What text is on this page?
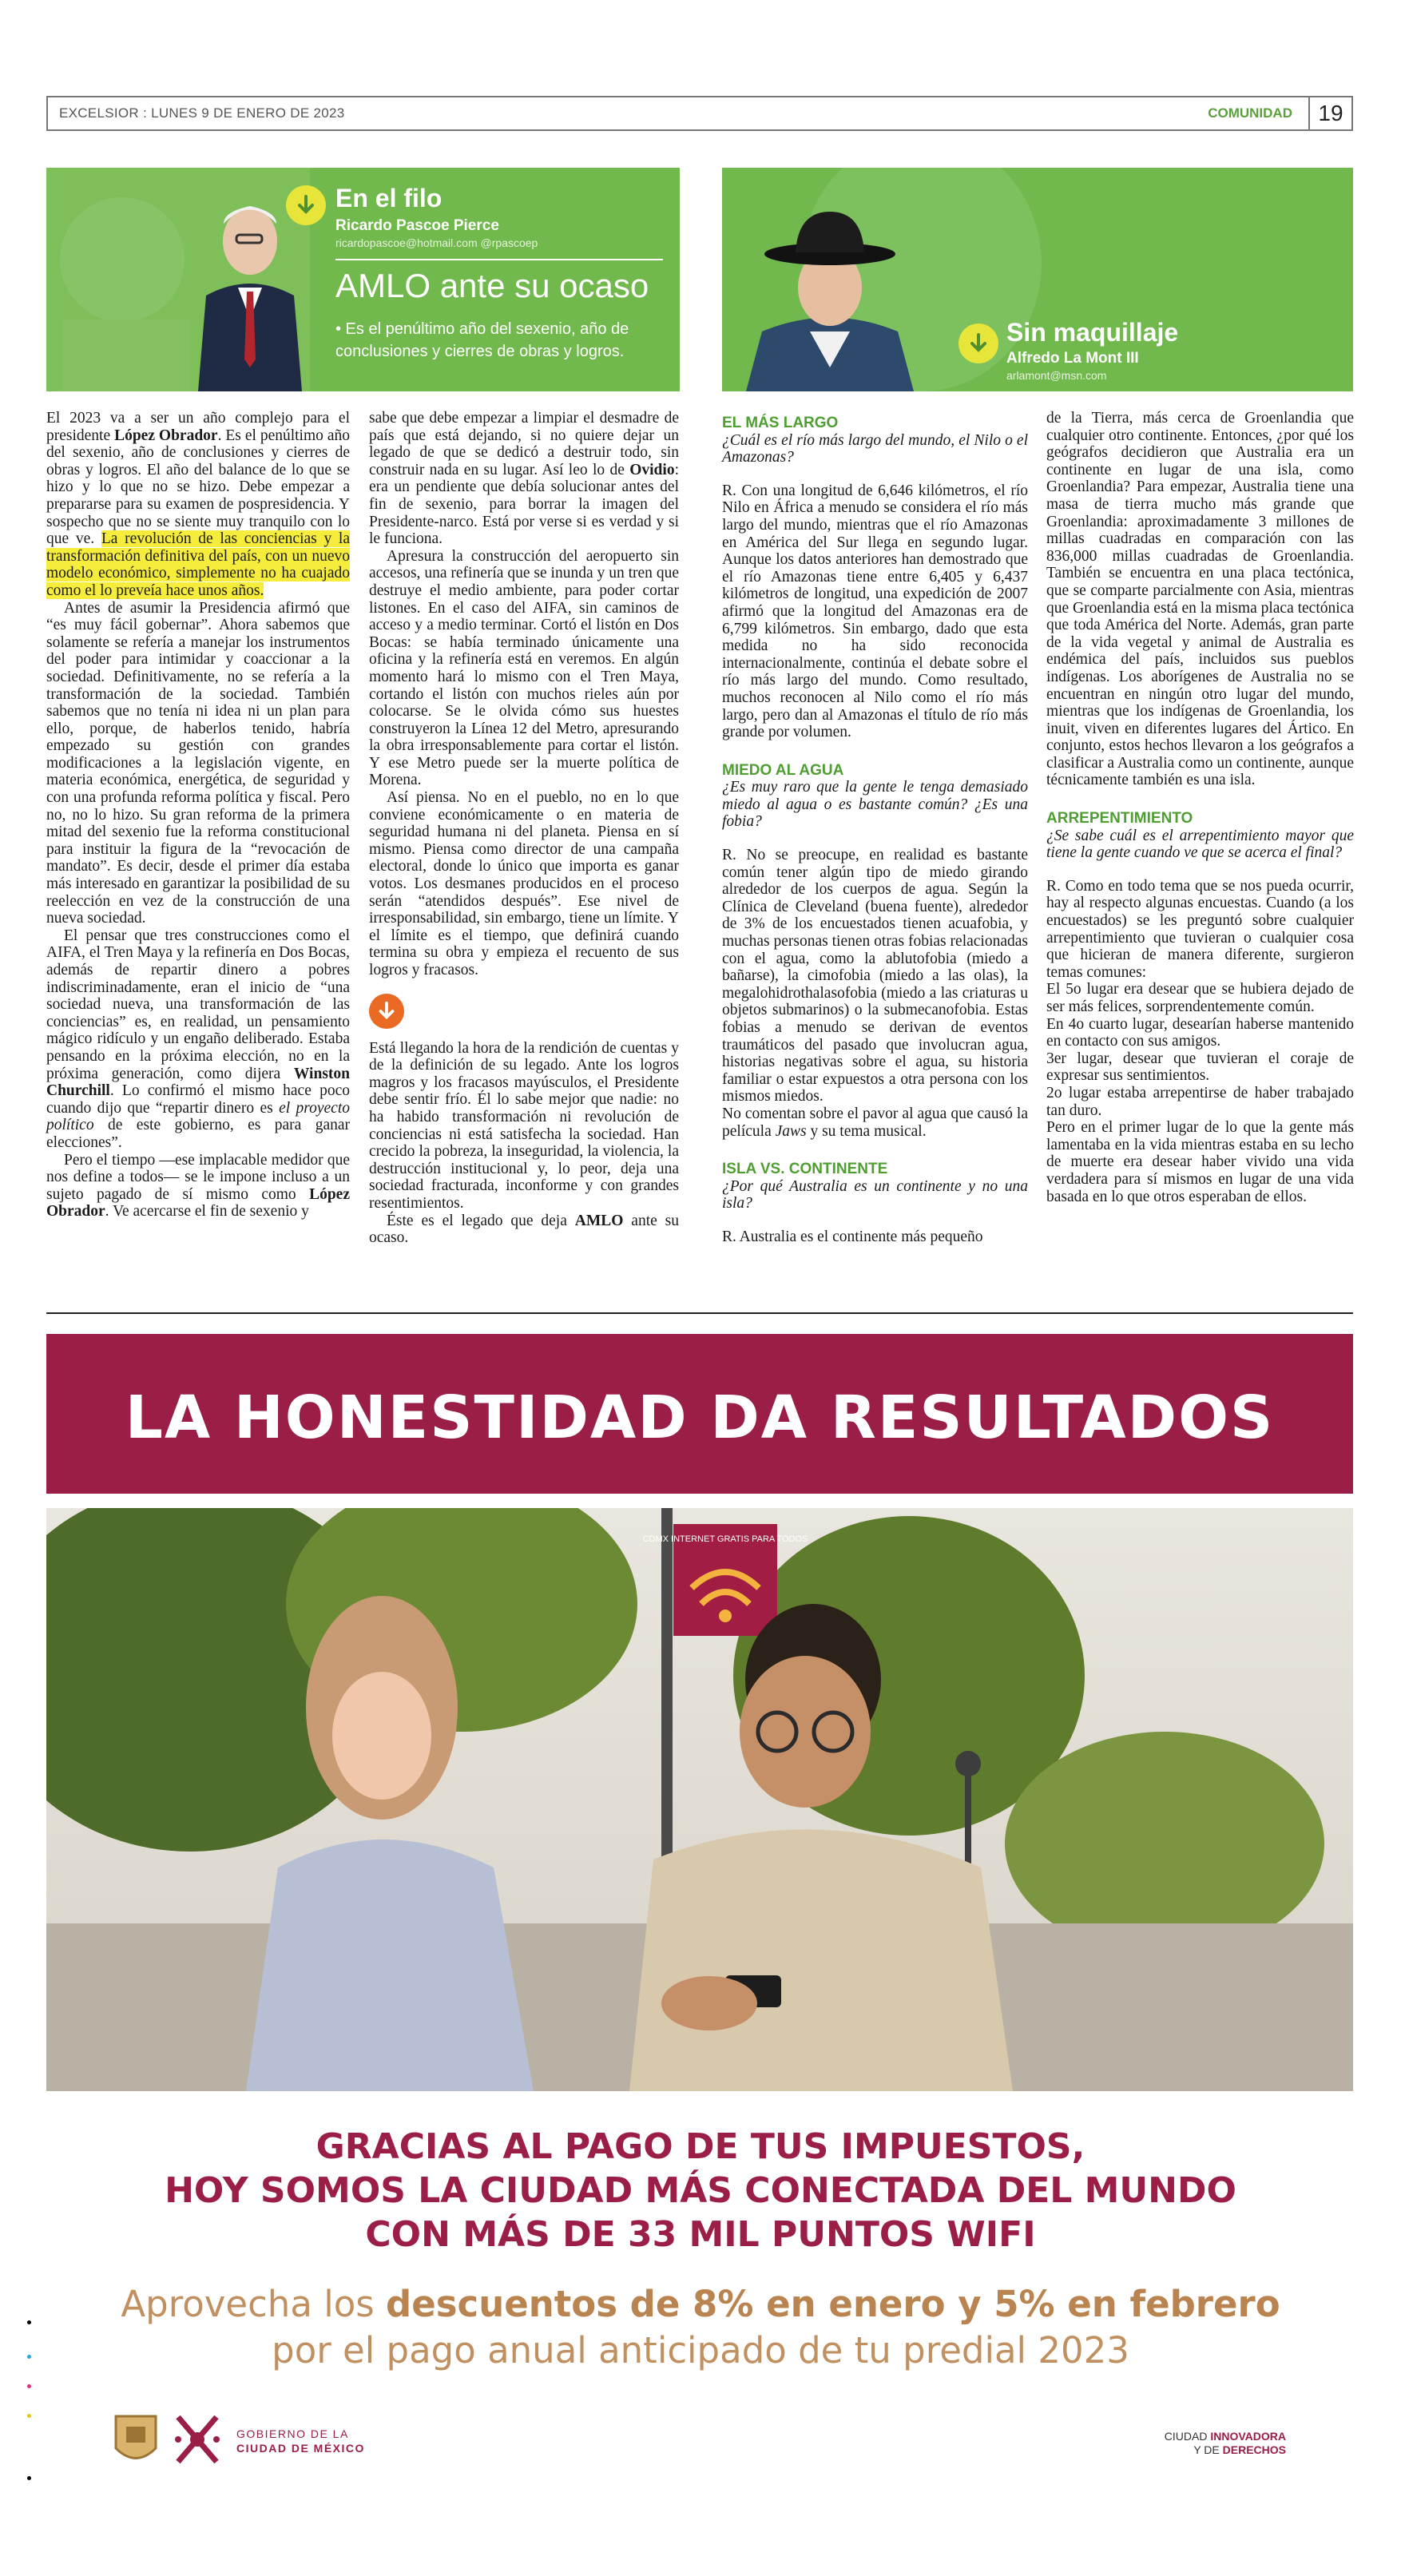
EXCELSIOR : LUNES 9 DE ENERO DE 2023	COMUNIDAD	19
En el filo
Ricardo Pascoe Pierce
ricardopascoe@hotmail.com @rpascoep
AMLO ante su ocaso
• Es el penúltimo año del sexenio, año de conclusiones y cierres de obras y logros.
Sin maquillaje
Alfredo La Mont III
arlamont@msn.com

El 2023 va a ser un año complejo para el presidente López Obrador. Es el penúltimo año del sexenio, año de conclusiones y cierres de obras y logros. El año del balance de lo que se hizo y lo que no se hizo. Debe empezar a prepararse para su examen de pospresidencia. Y sospecho que no se siente muy tranquilo con lo que ve. La revolución de las conciencias y la transformación definitiva del país, con un nuevo modelo económico, simplemente no ha cuajado como el lo preveía hace unos años.

Antes de asumir la Presidencia afirmó que “es muy fácil gobernar”. Ahora sabemos que solamente se refería a manejar los instrumentos del poder para intimidar y coaccionar a la sociedad. Definitivamente, no se refería a la transformación de la sociedad. También sabemos que no tenía ni idea ni un plan para ello, porque, de haberlos tenido, habría empezado su gestión con grandes modificaciones a la legislación vigente, en materia económica, energética, de seguridad y con una profunda reforma política y fiscal. Pero no, no lo hizo. Su gran reforma de la primera mitad del sexenio fue la reforma constitucional para instituir la figura de la “revocación de mandato”. Es decir, desde el primer día estaba más interesado en garantizar la posibilidad de su reelección en vez de la construcción de una nueva sociedad.

El pensar que tres construcciones como el AIFA, el Tren Maya y la refinería en Dos Bocas, además de repartir dinero a pobres indiscriminadamente, eran el inicio de “una sociedad nueva, una transformación de las conciencias” es, en realidad, un pensamiento mágico ridículo y un engaño deliberado. Estaba pensando en la próxima elección, no en la próxima generación, como dijera Winston Churchill. Lo confirmó el mismo hace poco cuando dijo que “repartir dinero es el proyecto político de este gobierno, es para ganar elecciones”.

Pero el tiempo —ese implacable medidor que nos define a todos— se le impone incluso a un sujeto pagado de sí mismo como López Obrador. Ve acercarse el fin de sexenio y

sabe que debe empezar a limpiar el desmadre de país que está dejando, si no quiere dejar un legado de que se dedicó a destruir todo, sin construir nada en su lugar. Así leo lo de Ovidio: era un pendiente que debía solucionar antes del fin de sexenio, para borrar la imagen del Presidente-narco. Está por verse si es verdad y si le funciona.

Apresura la construcción del aeropuerto sin accesos, una refinería que se inunda y un tren que destruye el medio ambiente, para poder cortar listones. En el caso del AIFA, sin caminos de acceso y a medio terminar. Cortó el listón en Dos Bocas: se había terminado únicamente una oficina y la refinería está en veremos. En algún momento hará lo mismo con el Tren Maya, cortando el listón con muchos rieles aún por colocarse. Se le olvida cómo sus huestes construyeron la Línea 12 del Metro, apresurando la obra irresponsablemente para cortar el listón. Y ese Metro puede ser la muerte política de Morena.

Así piensa. No en el pueblo, no en lo que conviene económicamente o en materia de seguridad humana ni del planeta. Piensa en sí mismo. Piensa como director de una campaña electoral, donde lo único que importa es ganar votos. Los desmanes producidos en el proceso serán “atendidos después”. Ese nivel de irresponsabilidad, sin embargo, tiene un límite. Y el límite es el tiempo, que definirá cuando termina su obra y empieza el recuento de sus logros y fracasos.

Está llegando la hora de la rendición de cuentas y de la definición de su legado. Ante los logros magros y los fracasos mayúsculos, el Presidente debe sentir frío. Él lo sabe mejor que nadie: no ha habido transformación ni revolución de conciencias ni está satisfecha la sociedad. Han crecido la pobreza, la inseguridad, la violencia, la destrucción institucional y, lo peor, deja una sociedad fracturada, inconforme y con grandes resentimientos.

Éste es el legado que deja AMLO ante su ocaso.

EL MÁS LARGO
¿Cuál es el río más largo del mundo, el Nilo o el Amazonas?

R. Con una longitud de 6,646 kilómetros, el río Nilo en África a menudo se considera el río más largo del mundo, mientras que el río Amazonas en América del Sur llega en segundo lugar. Aunque los datos anteriores han demostrado que el río Amazonas tiene entre 6,405 y 6,437 kilómetros de longitud, una expedición de 2007 afirmó que la longitud del Amazonas era de 6,799 kilómetros. Sin embargo, dado que esta medida no ha sido reconocida internacionalmente, continúa el debate sobre el río más largo del mundo. Como resultado, muchos reconocen al Nilo como el río más largo, pero dan al Amazonas el título de río más grande por volumen.

MIEDO AL AGUA
¿Es muy raro que la gente le tenga demasiado miedo al agua o es bastante común? ¿Es una fobia?

R. No se preocupe, en realidad es bastante común tener algún tipo de miedo girando alrededor de los cuerpos de agua. Según la Clínica de Cleveland (buena fuente), alrededor de 3% de los encuestados tienen acuafobia, y muchas personas tienen otras fobias relacionadas con el agua, como la ablutofobia (miedo a bañarse), la cimofobia (miedo a las olas), la megalohidrothalasofobia (miedo a las criaturas u objetos submarinos) o la submecanofobia. Estas fobias a menudo se derivan de eventos traumáticos del pasado que involucran agua, historias negativas sobre el agua, su historia familiar o estar expuestos a otra persona con los mismos miedos.

No comentan sobre el pavor al agua que causó la película Jaws y su tema musical.

ISLA VS. CONTINENTE
¿Por qué Australia es un continente y no una isla?

R. Australia es el continente más pequeño

de la Tierra, más cerca de Groenlandia que cualquier otro continente. Entonces, ¿por qué los geógrafos decidieron que Australia era un continente en lugar de una isla, como Groenlandia? Para empezar, Australia tiene una masa de tierra mucho más grande que Groenlandia: aproximadamente 3 millones de millas cuadradas en comparación con las 836,000 millas cuadradas de Groenlandia. También se encuentra en una placa tectónica, que se comparte parcialmente con Asia, mientras que Groenlandia está en la misma placa tectónica que toda América del Norte. Además, gran parte de la vida vegetal y animal de Australia es endémica del país, incluidos sus pueblos indígenas. Los aborígenes de Australia no se encuentran en ningún otro lugar del mundo, mientras que los indígenas de Groenlandia, los inuit, viven en diferentes lugares del Ártico. En conjunto, estos hechos llevaron a los geógrafos a clasificar a Australia como un continente, aunque técnicamente también es una isla.

ARREPENTIMIENTO
¿Se sabe cuál es el arrepentimiento mayor que tiene la gente cuando ve que se acerca el final?

R. Como en todo tema que se nos pueda ocurrir, hay al respecto algunas encuestas. Cuando (a los encuestados) se les preguntó sobre cualquier arrepentimiento que tuvieran o cualquier cosa que hicieran de manera diferente, surgieron temas comunes:

El 5o lugar era desear que se hubiera dejado de ser más felices, sorprendentemente común.

En 4o cuarto lugar, desearían haberse mantenido en contacto con sus amigos.

3er lugar, desear que tuvieran el coraje de expresar sus sentimientos.

2o lugar estaba arrepentirse de haber trabajado tan duro.

Pero en el primer lugar de lo que la gente más lamentaba en la vida mientras estaba en su lecho de muerte era desear haber vivido una vida verdadera para sí mismos en lugar de una vida basada en lo que otros esperaban de ellos.

LA HONESTIDAD DA RESULTADOS
CDMX INTERNET GRATIS PARA TODOS
GRACIAS AL PAGO DE TUS IMPUESTOS,
HOY SOMOS LA CIUDAD MÁS CONECTADA DEL MUNDO
CON MÁS DE 33 MIL PUNTOS WIFI
Aprovecha los descuentos de 8% en enero y 5% en febrero
por el pago anual anticipado de tu predial 2023
GOBIERNO DE LA
CIUDAD DE MÉXICO
CIUDAD INNOVADORA
Y DE DERECHOS
